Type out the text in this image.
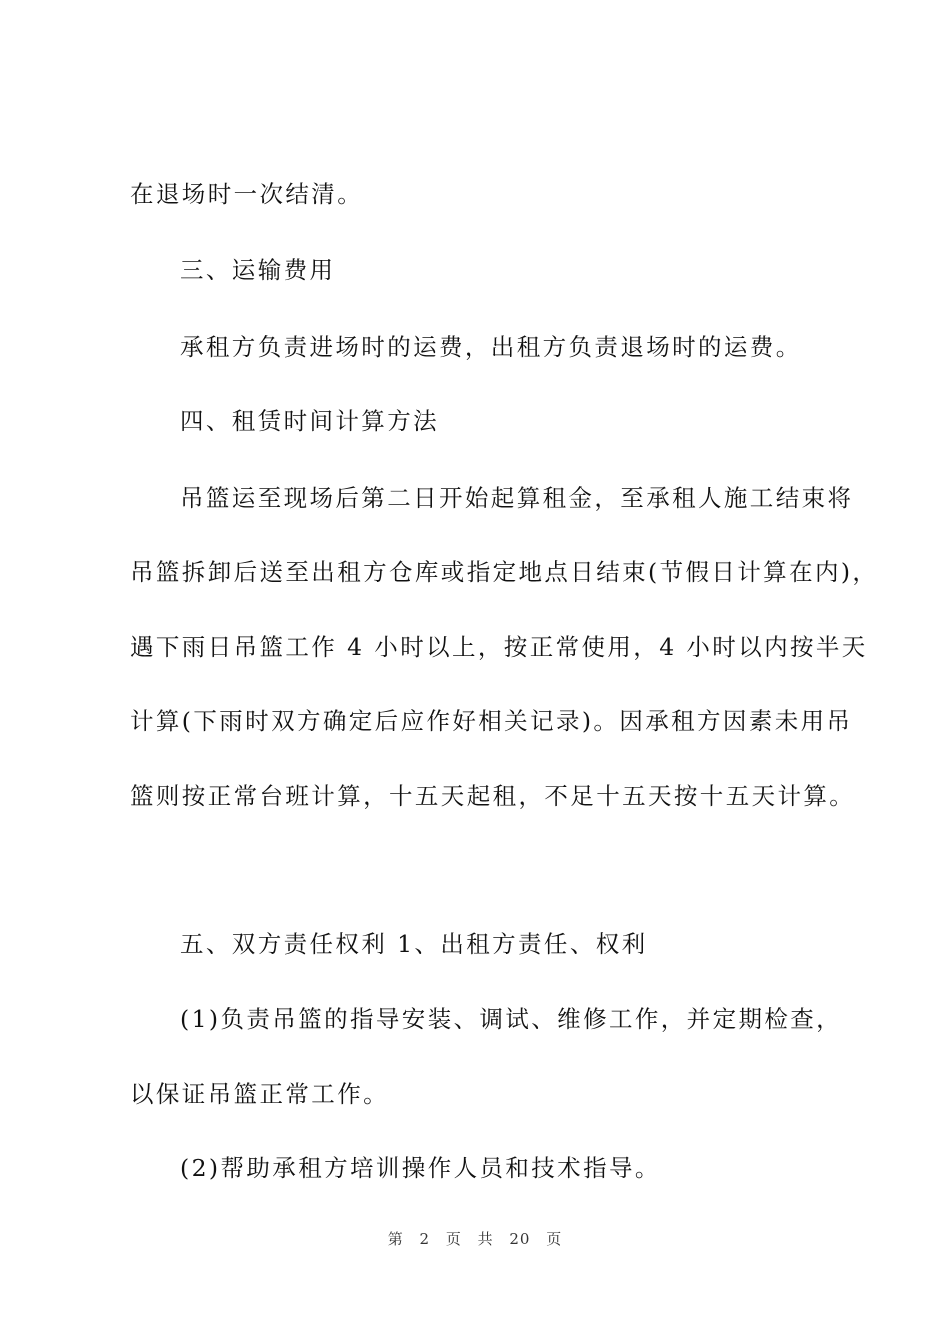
在退场时一次结清。
三、运输费用
承租方负责进场时的运费，出租方负责退场时的运费。
四、租赁时间计算方法
吊篮运至现场后第二日开始起算租金，至承租人施工结束将
吊篮拆卸后送至出租方仓库或指定地点日结束(节假日计算在内)，
遇下雨日吊篮工作 4 小时以上，按正常使用，4 小时以内按半天
计算(下雨时双方确定后应作好相关记录)。因承租方因素未用吊
篮则按正常台班计算，十五天起租，不足十五天按十五天计算。
五、双方责任权利 1、出租方责任、权利
(1)负责吊篮的指导安装、调试、维修工作，并定期检查，
以保证吊篮正常工作。
(2)帮助承租方培训操作人员和技术指导。
第 2 页 共 20 页
